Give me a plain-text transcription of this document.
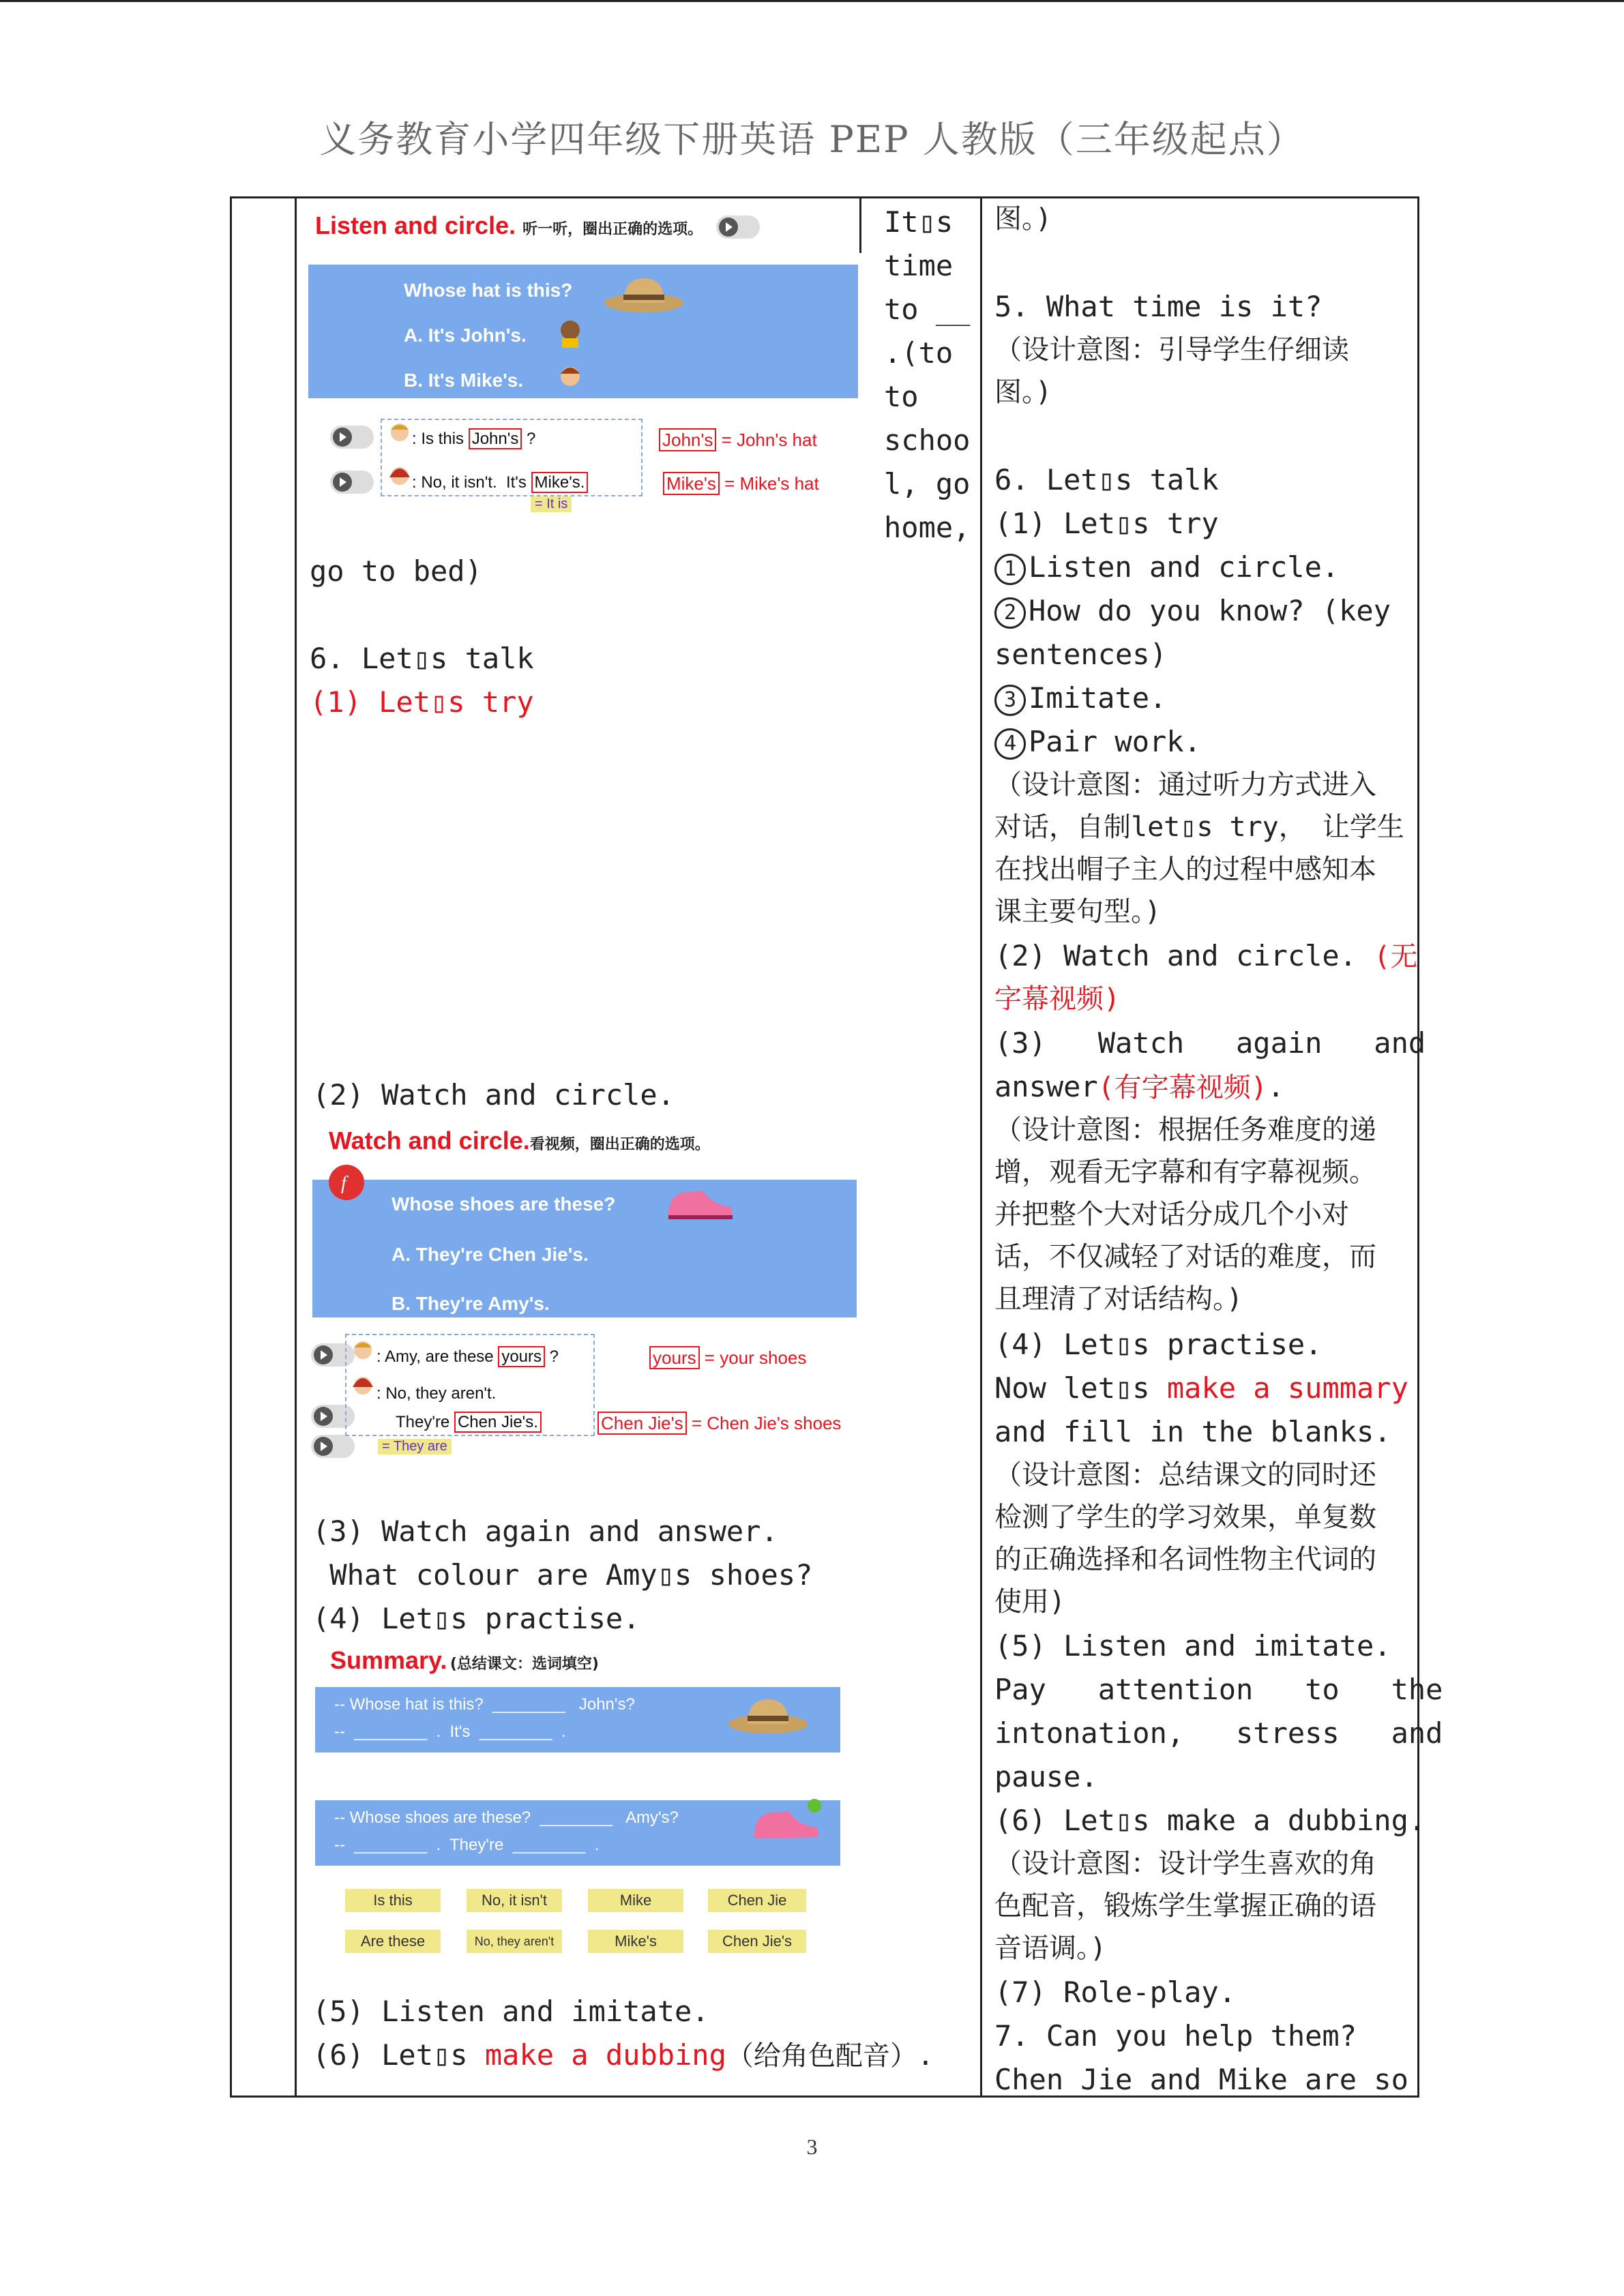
义务教育小学四年级下册英语 PEP 人教版（三年级起点）
It▯s
time
to __
.(to
to
schoo
l, go
home,
Listen and circle. 听一听，圈出正确的选项。
Whose hat is this?
A. It's John's.
B. It's Mike's.
: Is this John's ?
: No, it isn't.  It's Mike's.
= It is
John's = John's hat
Mike's = Mike's hat
go to bed)
6. Let▯s talk
(1) Let▯s try
(2) Watch and circle.
Watch and circle.看视频，圈出正确的选项。
Whose shoes are these?
A. They're Chen Jie's.
B. They're Amy's.
f
: Amy, are these yours ?
: No, they aren't.
They're Chen Jie's.
= They are
yours = your shoes
Chen Jie's = Chen Jie's shoes
(3) Watch again and answer.
What colour are Amy▯s shoes?
(4) Let▯s practise.
Summary. (总结课文：选词填空)
-- Whose hat is this?  ________   John's?
--  ________  .  It's  ________  .
-- Whose shoes are these?  ________   Amy's?
--  ________  .  They're  ________  .
Is this	No, it isn't	Mike	Chen Jie
Are these	No, they aren't	Mike's	Chen Jie's
(5) Listen and imitate.
(6) Let▯s make a dubbing（给角色配音）.
图。)
5. What time is it?
（设计意图：引导学生仔细读
图。)
6. Let▯s talk
(1) Let▯s try
1 Listen and circle.
2 How do you know? (key
sentences)
3 Imitate.
4 Pair work.
（设计意图：通过听力方式进入
对话，自制let▯s try， 让学生
在找出帽子主人的过程中感知本
课主要句型。)
(2) Watch and circle. (无
字幕视频)
(3)   Watch   again   and
answer(有字幕视频).
（设计意图：根据任务难度的递
增，观看无字幕和有字幕视频。
并把整个大对话分成几个小对
话，不仅减轻了对话的难度，而
且理清了对话结构。)
(4) Let▯s practise.
Now let▯s make a summary
and fill in the blanks.
（设计意图：总结课文的同时还
检测了学生的学习效果，单复数
的正确选择和名词性物主代词的
使用)
(5) Listen and imitate.
Pay   attention   to   the
intonation,   stress   and
pause.
(6) Let▯s make a dubbing.
（设计意图：设计学生喜欢的角
色配音，锻炼学生掌握正确的语
音语调。)
(7) Role-play.
7. Can you help them?
Chen Jie and Mike are so
3
